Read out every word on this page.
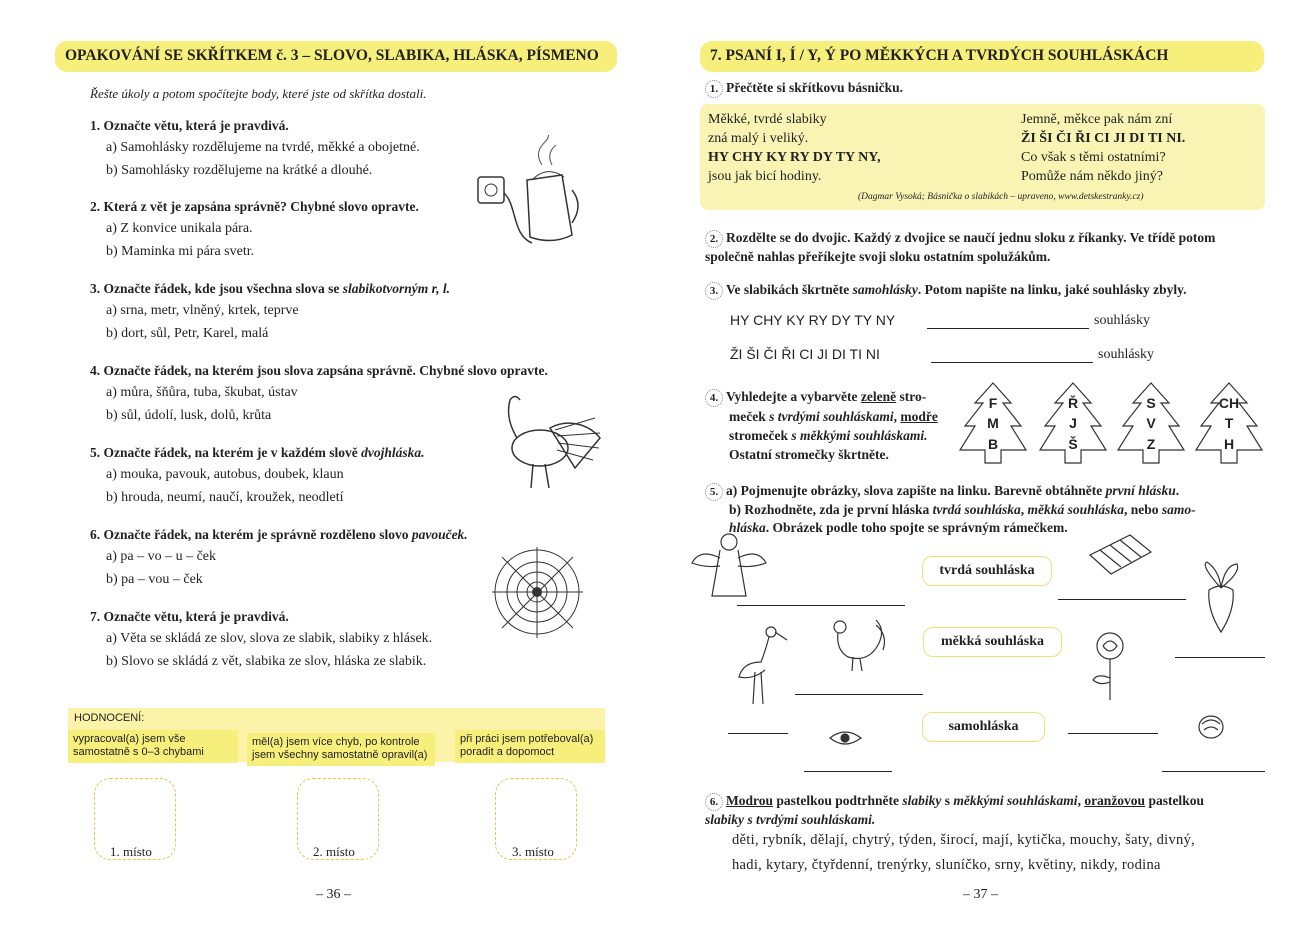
OPAKOVÁNÍ SE SKŘÍTKEM č. 3 – SLOVO, SLABIKA, HLÁSKA, PÍSMENO
Řešte úkoly a potom spočítejte body, které jste od skřítka dostali.
1. Označte větu, která je pravdivá.
a) Samohlásky rozdělujeme na tvrdé, měkké a obojetné.
b) Samohlásky rozdělujeme na krátké a dlouhé.
2. Která z vět je zapsána správně? Chybné slovo opravte.
a) Z konvice unikala pára.
b) Maminka mi pára svetr.
3. Označte řádek, kde jsou všechna slova se slabikotvorným r, l.
a) srna, metr, vlněný, krtek, teprve
b) dort, sůl, Petr, Karel, malá
4. Označte řádek, na kterém jsou slova zapsána správně. Chybné slovo opravte.
a) můra, šňůra, tuba, škubat, ústav
b) sůl, údolí, lusk, dolů, krůta
5. Označte řádek, na kterém je v každém slově dvojhláska.
a) mouka, pavouk, autobus, doubek, klaun
b) hrouda, neumí, naučí, kroužek, neodletí
6. Označte řádek, na kterém je správně rozděleno slovo pavouček.
a) pa – vo – u – ček
b) pa – vou – ček
7. Označte větu, která je pravdivá.
a) Věta se skládá ze slov, slova ze slabik, slabiky z hlásek.
b) Slovo se skládá z vět, slabika ze slov, hláska ze slabik.
HODNOCENÍ:
vypracoval(a) jsem vše samostatně s 0–3 chybami
měl(a) jsem více chyb, po kontrole jsem všechny samostatně opravil(a)
při práci jsem potřeboval(a) poradit a dopomoct
1. místo	2. místo	3. místo
– 36 –
7. PSANÍ I, Í / Y, Ý PO MĚKKÝCH A TVRDÝCH SOUHLÁSKÁCH
1. Přečtěte si skřítkovu básničku.
Měkké, tvrdé slabiky
zná malý i veliký.
HY CHY KY RY DY TY NY,
jsou jak bicí hodiny.
Jemně, měkce pak nám zní
ŽI ŠI ČI ŘI CI JI DI TI NI.
Co však s těmi ostatními?
Pomůže nám někdo jiný?
(Dagmar Vysoká; Básnička o slabikách – upraveno, www.detskestranky.cz)
2. Rozdělte se do dvojic. Každý z dvojice se naučí jednu sloku z říkanky. Ve třídě potom společně nahlas přeříkejte svoji sloku ostatním spolužákům.
3. Ve slabikách škrtněte samohlásky. Potom napište na linku, jaké souhlásky zbyly.
HY CHY KY RY DY TY NY	souhlásky
ŽI ŠI ČI ŘI CI JI DI TI NI	souhlásky
4. Vyhledejte a vybarvěte zeleně stro-
meček s tvrdými souhláskami, modře
stromeček s měkkými souhláskami.
Ostatní stromečky škrtněte.
F
M
B
Ř
J
Š
S
V
Z
CH
T
H
5. a) Pojmenujte obrázky, slova zapište na linku. Barevně obtáhněte první hlásku.
b) Rozhodněte, zda je první hláska tvrdá souhláska, měkká souhláska, nebo samo-
hláska. Obrázek podle toho spojte se správným rámečkem.
tvrdá souhláska
měkká souhláska
samohláska
6. Modrou pastelkou podtrhněte slabiky s měkkými souhláskami, oranžovou pastelkou
slabiky s tvrdými souhláskami.
děti, rybník, dělají, chytrý, týden, širocí, mají, kytička, mouchy, šaty, divný,
hadi, kytary, čtyřdenní, trenýrky, sluníčko, srny, květiny, nikdy, rodina
– 37 –
